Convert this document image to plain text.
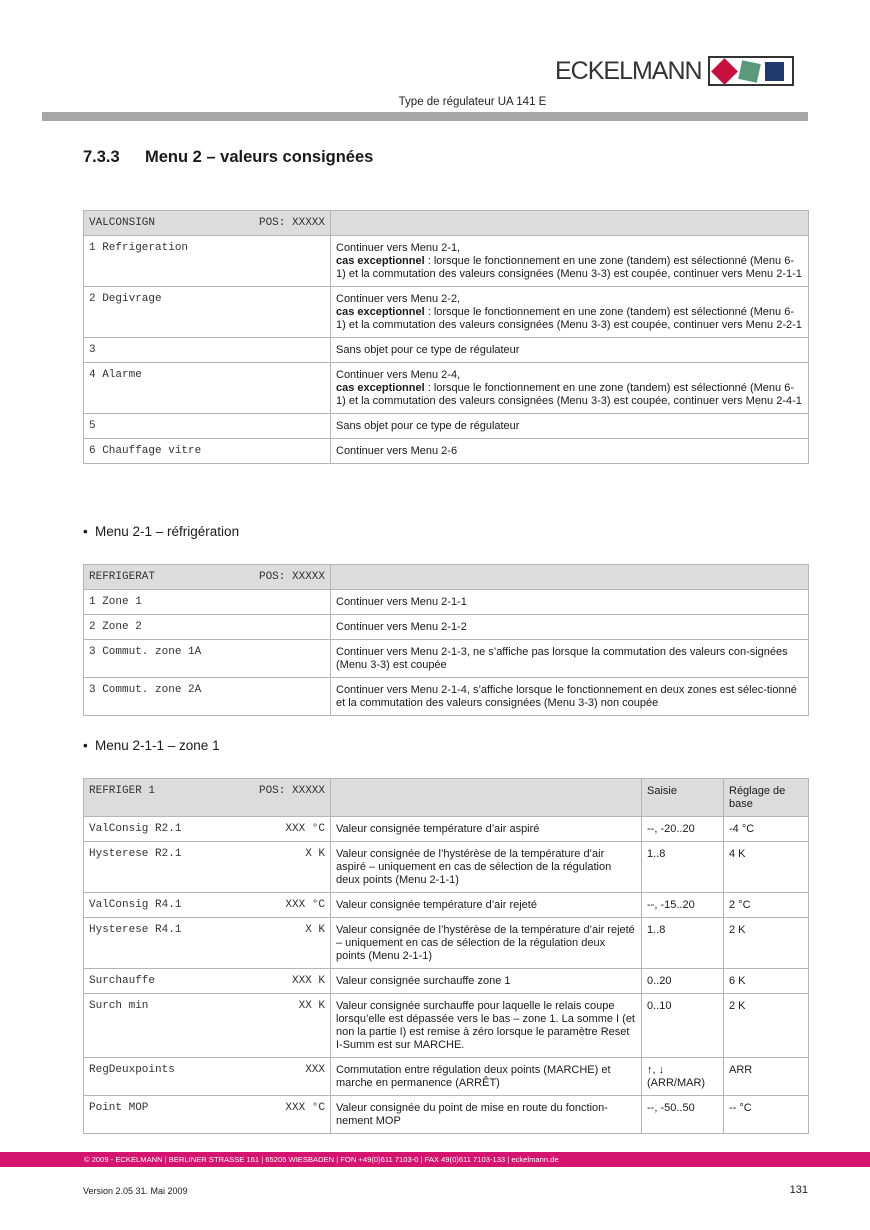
ECKELMANN
Type de régulateur UA 141 E
7.3.3 Menu 2 – valeurs consignées
VALCONSIGN POS: XXXXX	

1 Refrigeration	Continuer vers Menu 2-1,
cas exceptionnel : lorsque le fonctionnement en une zone (tandem) est sélectionné (Menu 6-1) et la commutation des valeurs consignées (Menu 3-3) est coupée, continuer vers Menu 2-1-1
2 Degivrage	Continuer vers Menu 2-2,
cas exceptionnel : lorsque le fonctionnement en une zone (tandem) est sélectionné (Menu 6-1) et la commutation des valeurs consignées (Menu 3-3) est coupée, continuer vers Menu 2-2-1
3	Sans objet pour ce type de régulateur
4 Alarme	Continuer vers Menu 2-4,
cas exceptionnel : lorsque le fonctionnement en une zone (tandem) est sélectionné (Menu 6-1) et la commutation des valeurs consignées (Menu 3-3) est coupée, continuer vers Menu 2-4-1
5	Sans objet pour ce type de régulateur
6 Chauffage vitre	Continuer vers Menu 2-6
• Menu 2-1 – réfrigération
REFRIGERAT POS: XXXXX	

1 Zone 1	Continuer vers Menu 2-1-1
2 Zone 2	Continuer vers Menu 2-1-2
3 Commut. zone 1A	Continuer vers Menu 2-1-3, ne s’affiche pas lorsque la commutation des valeurs con-signées (Menu 3-3) est coupée
3 Commut. zone 2A	Continuer vers Menu 2-1-4, s’affiche lorsque le fonctionnement en deux zones est sélec-tionné et la commutation des valeurs consignées (Menu 3-3) non coupée
• Menu 2-1-1 – zone 1
REFRIGER 1 POS: XXXXX		Saisie	Réglage de base

ValConsig R2.1 XXX °C	Valeur consignée température d’air aspiré	--, -20..20	-4 °C

Hysterese R2.1 X K	Valeur consignée de l’hystérèse de la température d’air aspiré – uniquement en cas de sélection de la régulation deux points (Menu 2-1-1)	1..8	4 K

ValConsig R4.1 XXX °C	Valeur consignée température d’air rejeté	--, -15..20	2 °C

Hysterese R4.1 X K	Valeur consignée de l’hystérèse de la température d’air rejeté – uniquement en cas de sélection de la régulation deux points (Menu 2-1-1)	1..8	2 K

Surchauffe XXX K	Valeur consignée surchauffe zone 1	0..20	6 K

Surch min XX K	Valeur consignée surchauffe pour laquelle le relais coupe lorsqu’elle est dépassée vers le bas – zone 1. La somme I (et non la partie I) est remise à zéro lorsque le paramètre Reset I-Summ est sur MARCHE.	0..10	2 K

RegDeuxpoints XXX	Commutation entre régulation deux points (MARCHE) et marche en permanence (ARRÊT)	↑, ↓ (ARR/MAR)	ARR

Point MOP XXX °C	Valeur consignée du point de mise en route du fonction-nement MOP	--, -50..50	-- °C
© 2009 - ECKELMANN | BERLINER STRASSE 161 | 65205 WIESBADEN | FON +49(0)611 7103-0 | FAX 49(0)611 7103-133 | eckelmann.de
Version 2.05 31. Mai 2009	131
